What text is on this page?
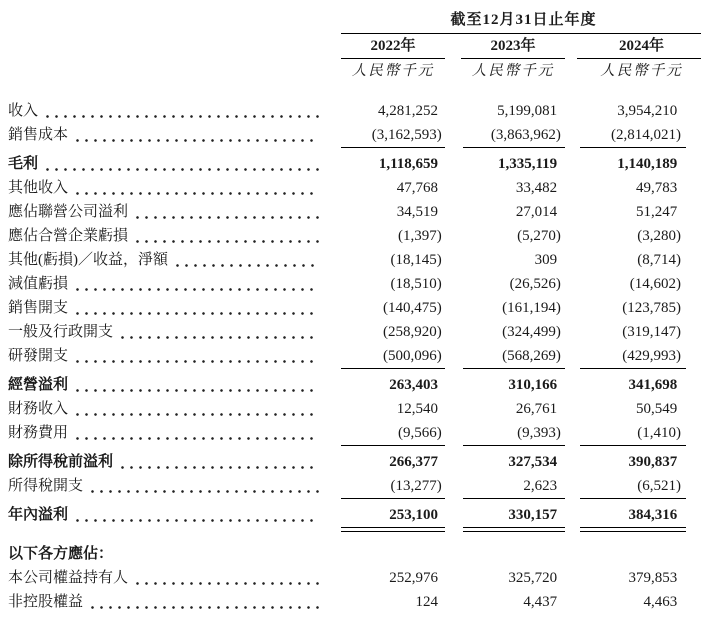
截至12月31日止年度
2022年	2023年	2024年
人民幣千元	人民幣千元	人民幣千元
收入	4,281,252	5,199,081	3,954,210
銷售成本	(3,162,593)	(3,863,962)	(2,814,021)
毛利	1,118,659	1,335,119	1,140,189
其他收入	47,768	33,482	49,783
應佔聯營公司溢利	34,519	27,014	51,247
應佔合營企業虧損	(1,397)	(5,270)	(3,280)
其他(虧損)／收益，淨額	(18,145)	309	(8,714)
減值虧損	(18,510)	(26,526)	(14,602)
銷售開支	(140,475)	(161,194)	(123,785)
一般及行政開支	(258,920)	(324,499)	(319,147)
研發開支	(500,096)	(568,269)	(429,993)
經營溢利	263,403	310,166	341,698
財務收入	12,540	26,761	50,549
財務費用	(9,566)	(9,393)	(1,410)
除所得稅前溢利	266,377	327,534	390,837
所得稅開支	(13,277)	2,623	(6,521)
年內溢利	253,100	330,157	384,316
以下各方應佔：
本公司權益持有人	252,976	325,720	379,853
非控股權益	124	4,437	4,463
